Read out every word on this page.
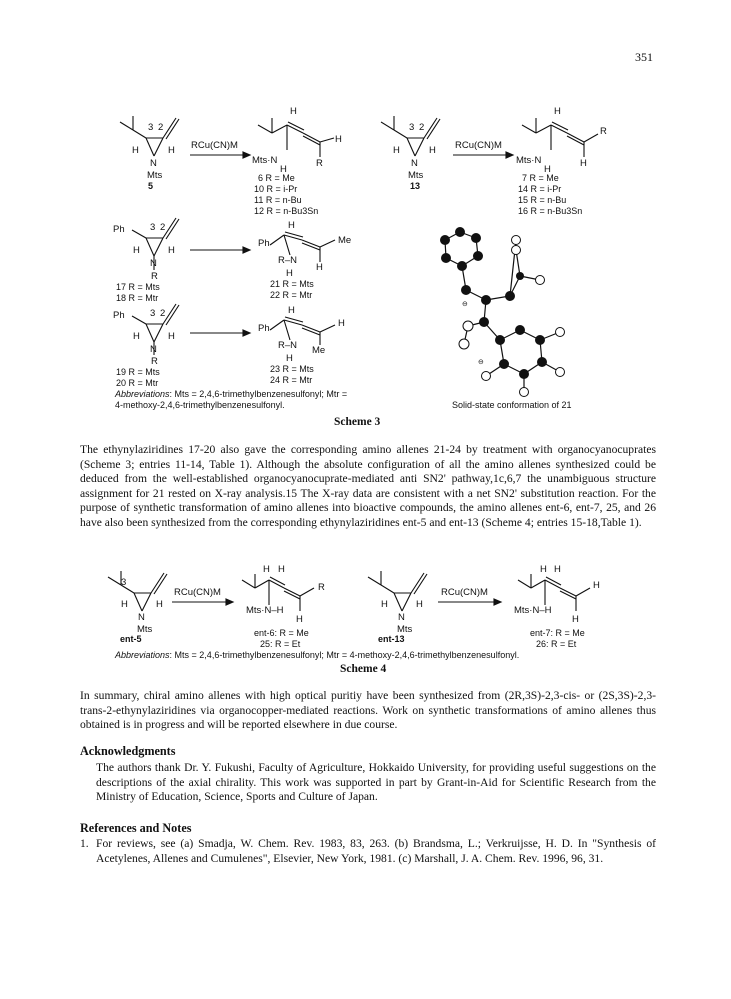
351
3 2
H	H
N
Mts
Mts·N
H
H
R
H
3 2
H	H
N
Mts
Mts·N
H
R
H
H
Ph	3 2
H	H
N
R
Ph
H
Me
R–N
H
H
Ph	3 2
H	H
N
R
Ph
H
H
R–N Me
H
⊖
⊖
3
H	H
N
Mts
Mts·N–H
H H
R
H
H	H
N
Mts
Mts·N–H
H H
H
H
RCu(CN)M	RCu(CN)M
5	13
6 R = Me
10 R = i-Pr
11 R = n-Bu
12 R = n-Bu3Sn
7 R = Me
14 R = i-Pr
15 R = n-Bu
16 R = n-Bu3Sn
17 R = Mts
18 R = Mtr
21 R = Mts
22 R = Mtr
19 R = Mts
20 R = Mtr
23 R = Mts
24 R = Mtr
Abbreviations: Mts = 2,4,6-trimethylbenzenesulfonyl; Mtr =
4-methoxy-2,4,6-trimethylbenzenesulfonyl.	Solid-state conformation of 21
Scheme 3
The ethynylaziridines 17-20 also gave the corresponding amino allenes 21-24 by treatment with organocyanocuprates (Scheme 3; entries 11-14, Table 1). Although the absolute configuration of all the amino allenes synthesized could be deduced from the well-established organocyanocuprate-mediated anti SN2' pathway,1c,6,7 the unambiguous structure assignment for 21 rested on X-ray analysis.15 The X-ray data are consistent with a net SN2' substitution reaction. For the purpose of synthetic transformation of amino allenes into bioactive compounds, the amino allenes ent-6, ent-7, 25, and 26 have also been synthesized from the corresponding ethynylaziridines ent-5 and ent-13 (Scheme 4; entries 15-18,Table 1).
RCu(CN)M	RCu(CN)M
ent-5	ent-13
ent-6: R = Me
25: R = Et
ent-7: R = Me
26: R = Et
Abbreviations: Mts = 2,4,6-trimethylbenzenesulfonyl; Mtr = 4-methoxy-2,4,6-trimethylbenzenesulfonyl.
Scheme 4
In summary, chiral amino allenes with high optical puritiy have been synthesized from (2R,3S)-2,3-cis- or (2S,3S)-2,3-trans-2-ethynylaziridines via organocopper-mediated reactions. Work on synthetic transformations of amino allenes thus obtained is in progress and will be reported elsewhere in due course.
Acknowledgments
The authors thank Dr. Y. Fukushi, Faculty of Agriculture, Hokkaido University, for providing useful suggestions on the descriptions of the axial chirality. This work was supported in part by Grant-in-Aid for Scientific Research from the Ministry of Education, Science, Sports and Culture of Japan.
References and Notes
1. For reviews, see (a) Smadja, W. Chem. Rev. 1983, 83, 263. (b) Brandsma, L.; Verkruijsse, H. D. In "Synthesis of Acetylenes, Allenes and Cumulenes", Elsevier, New York, 1981. (c) Marshall, J. A. Chem. Rev. 1996, 96, 31.
